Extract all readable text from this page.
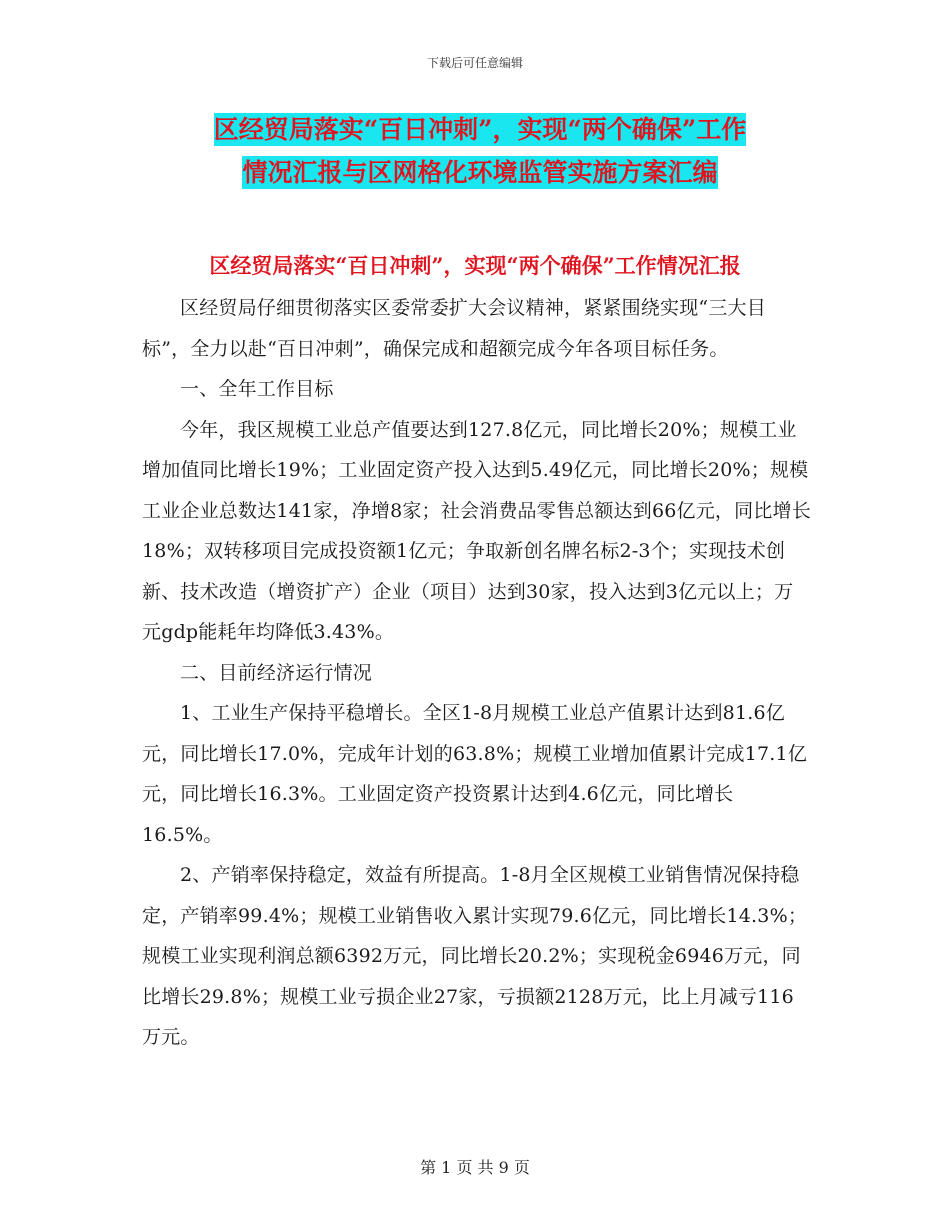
下载后可任意编辑
区经贸局落实“百日冲刺”，实现“两个确保”工作
情况汇报与区网格化环境监管实施方案汇编
区经贸局落实“百日冲刺”，实现“两个确保”工作情况汇报

区经贸局仔细贯彻落实区委常委扩大会议精神，紧紧围绕实现“三大目标”，全力以赴“百日冲刺”，确保完成和超额完成今年各项目标任务。

一、全年工作目标

今年，我区规模工业总产值要达到127.8亿元，同比增长20%；规模工业增加值同比增长19%；工业固定资产投入达到5.49亿元，同比增长20%；规模工业企业总数达141家，净增8家；社会消费品零售总额达到66亿元，同比增长18%；双转移项目完成投资额1亿元；争取新创名牌名标2-3个；实现技术创新、技术改造（增资扩产）企业（项目）达到30家，投入达到3亿元以上；万元gdp能耗年均降低3.43%。

二、目前经济运行情况

1、工业生产保持平稳增长。全区1-8月规模工业总产值累计达到81.6亿元，同比增长17.0%，完成年计划的63.8%；规模工业增加值累计完成17.1亿元，同比增长16.3%。工业固定资产投资累计达到4.6亿元，同比增长16.5%。

2、产销率保持稳定，效益有所提高。1-8月全区规模工业销售情况保持稳定，产销率99.4%；规模工业销售收入累计实现79.6亿元，同比增长14.3%；规模工业实现利润总额6392万元，同比增长20.2%；实现税金6946万元，同比增长29.8%；规模工业亏损企业27家，亏损额2128万元，比上月减亏116万元。

第 1 页 共 9 页
